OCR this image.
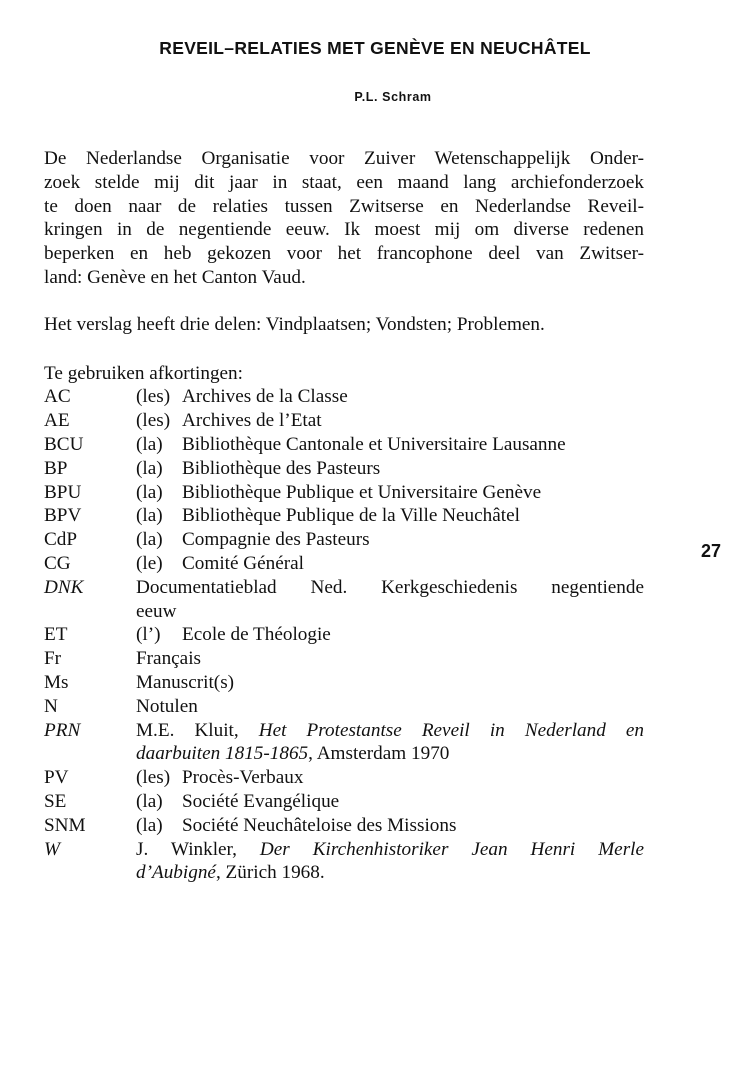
REVEIL–RELATIES MET GENÈVE EN NEUCHÂTEL
P.L. Schram

De Nederlandse Organisatie voor Zuiver Wetenschappelijk Onder-
zoek stelde mij dit jaar in staat, een maand lang archiefonderzoek
te doen naar de relaties tussen Zwitserse en Nederlandse Reveil-
kringen in de negentiende eeuw. Ik moest mij om diverse redenen
beperken en heb gekozen voor het francophone deel van Zwitser-
land: Genève en het Canton Vaud.

Het verslag heeft drie delen: Vindplaatsen; Vondsten; Problemen.

Te gebruiken afkortingen:

AC	(les) Archives de la Classe
AE	(les) Archives de l’Etat
BCU	(la) Bibliothèque Cantonale et Universitaire Lausanne
BP	(la) Bibliothèque des Pasteurs
BPU	(la) Bibliothèque Publique et Universitaire Genève
BPV	(la) Bibliothèque Publique de la Ville Neuchâtel
CdP	(la) Compagnie des Pasteurs
CG	(le) Comité Général
DNK	Documentatieblad Ned. Kerkgeschiedenis negentiende
eeuw
ET	(l’) Ecole de Théologie
Fr	Français
Ms	Manuscrit(s)
N	Notulen
PRN	M.E. Kluit, Het Protestantse Reveil in Nederland en
daarbuiten 1815-1865, Amsterdam 1970
PV	(les) Procès-Verbaux
SE	(la) Société Evangélique
SNM	(la) Société Neuchâteloise des Missions
W	J. Winkler, Der Kirchenhistoriker Jean Henri Merle
d’Aubigné, Zürich 1968.
27
